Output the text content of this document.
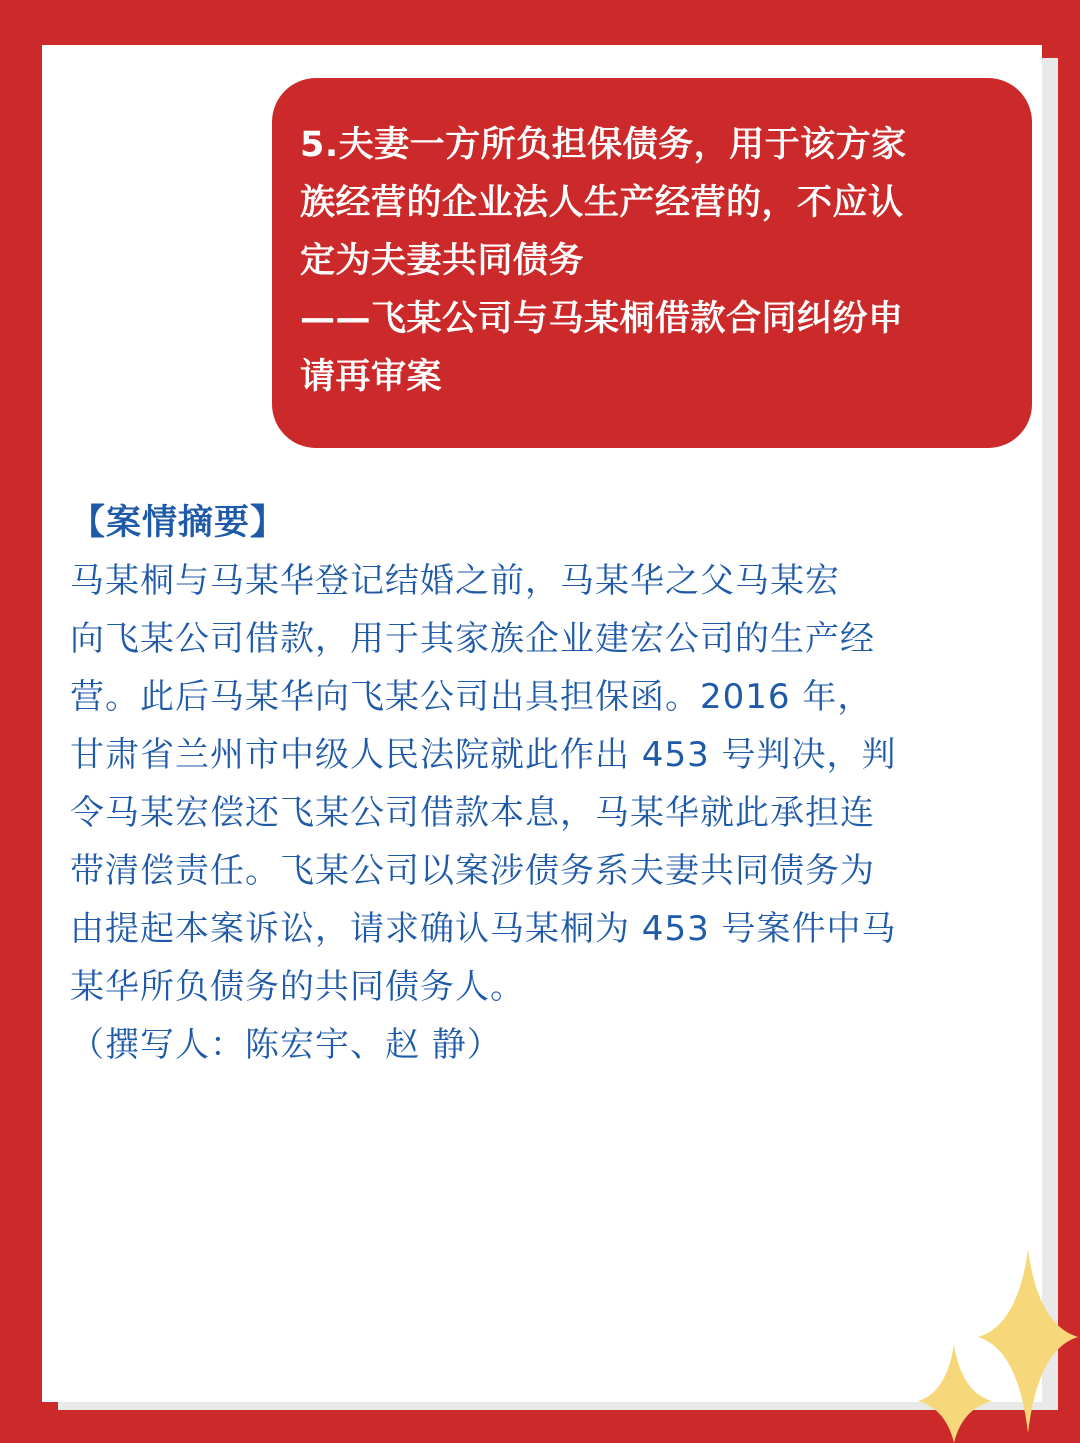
5.夫妻一方所负担保债务，用于该方家
族经营的企业法人生产经营的，不应认
定为夫妻共同债务
——飞某公司与马某桐借款合同纠纷申
请再审案
【案情摘要】
马某桐与马某华登记结婚之前，马某华之父马某宏
向飞某公司借款，用于其家族企业建宏公司的生产经
营。此后马某华向飞某公司出具担保函。2016 年，
甘肃省兰州市中级人民法院就此作出 453 号判决，判
令马某宏偿还飞某公司借款本息，马某华就此承担连
带清偿责任。飞某公司以案涉债务系夫妻共同债务为
由提起本案诉讼，请求确认马某桐为 453 号案件中马
某华所负债务的共同债务人。
（撰写人：陈宏宇、赵 静）
